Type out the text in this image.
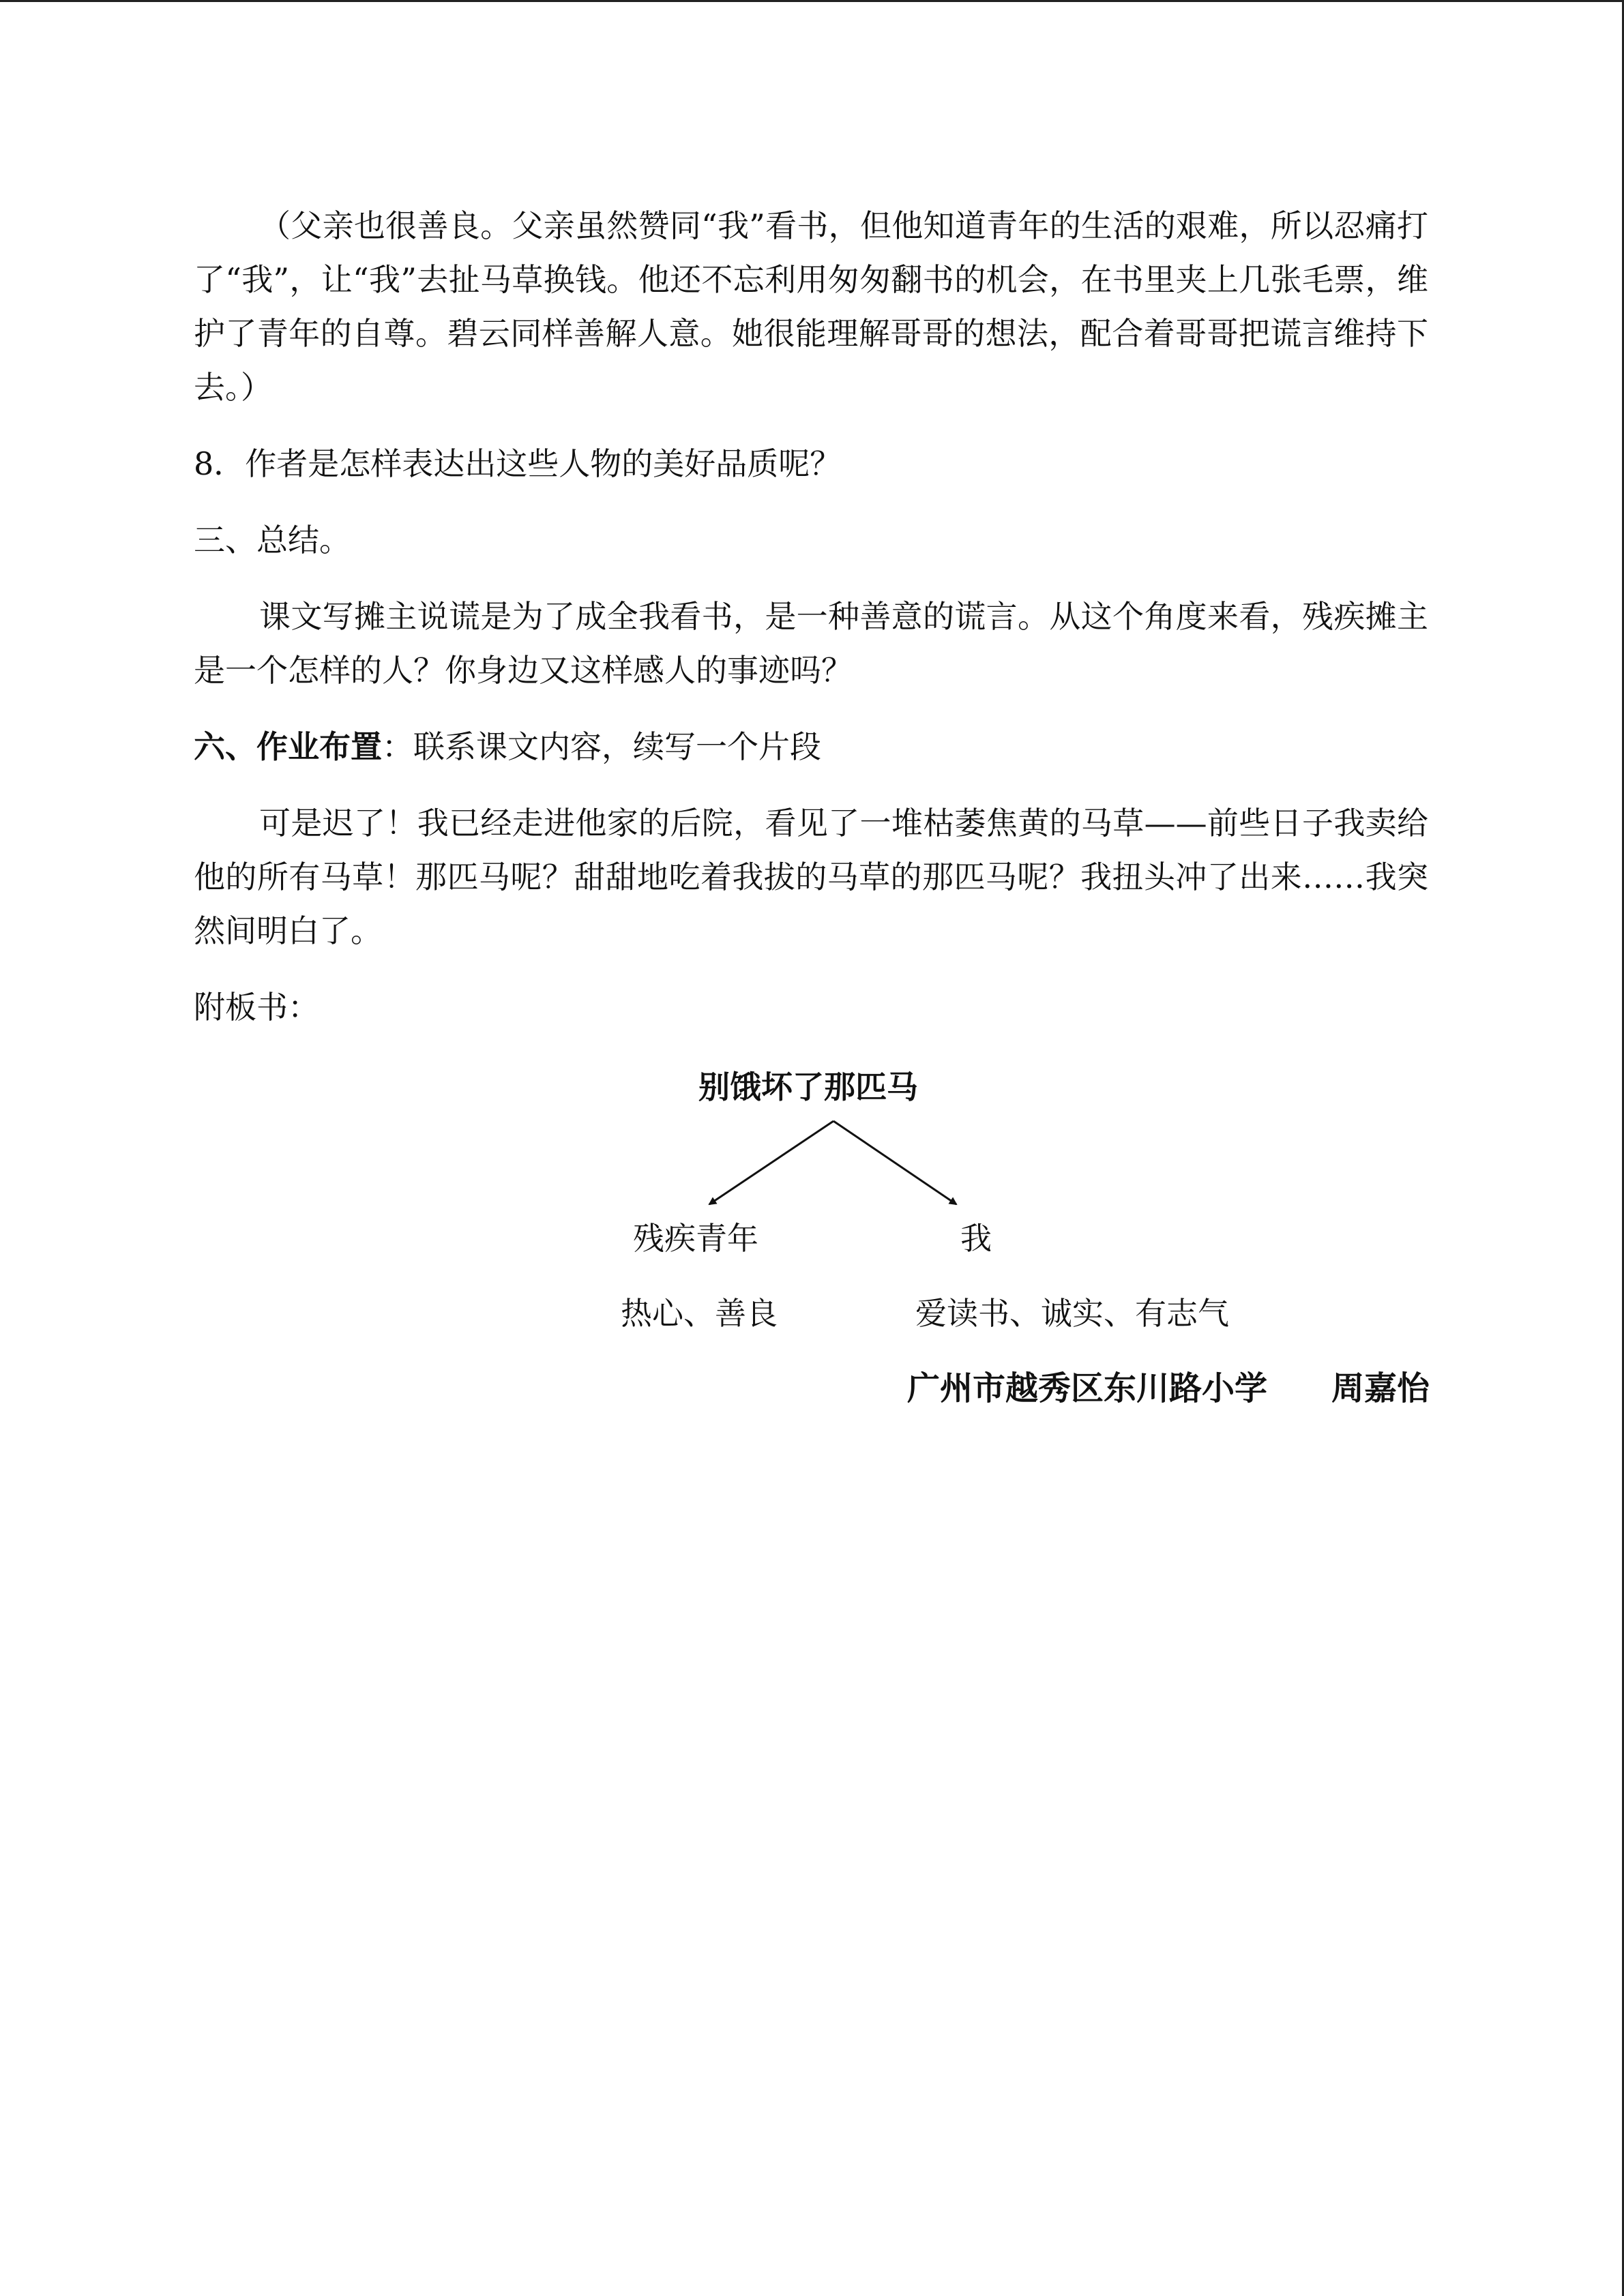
（父亲也很善良。父亲虽然赞同“我”看书，但他知道青年的生活的艰难，所以忍痛打了“我”，让“我”去扯马草换钱。他还不忘利用匆匆翻书的机会，在书里夹上几张毛票，维护了青年的自尊。碧云同样善解人意。她很能理解哥哥的想法，配合着哥哥把谎言维持下去。）

8．作者是怎样表达出这些人物的美好品质呢？

三、总结。

课文写摊主说谎是为了成全我看书，是一种善意的谎言。从这个角度来看，残疾摊主是一个怎样的人？你身边又这样感人的事迹吗？

六、作业布置：联系课文内容，续写一个片段

可是迟了！我已经走进他家的后院，看见了一堆枯萎焦黄的马草——前些日子我卖给他的所有马草！那匹马呢？甜甜地吃着我拔的马草的那匹马呢？我扭头冲了出来……我突然间明白了。

附板书：

别饿坏了那匹马
残疾青年	我
热心、善良	爱读书、诚实、有志气
广州市越秀区东川路小学 周嘉怡
